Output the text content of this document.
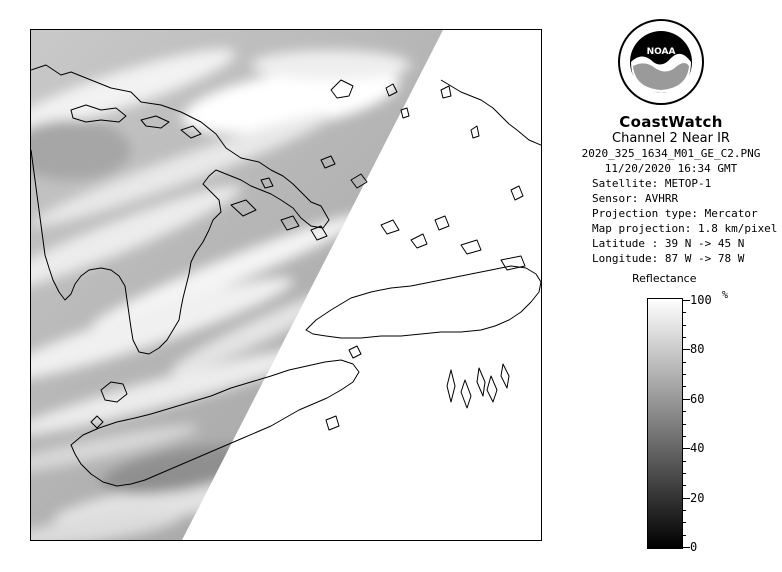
NOAA
CoastWatch
Channel 2 Near IR
2020_325_1634_M01_GE_C2.PNG
11/20/2020 16:34 GMT
Satellite: METOP-1
Sensor: AVHRR
Projection type: Mercator
Map projection: 1.8 km/pixel
Latitude : 39 N -> 45 N
Longitude: 87 W -> 78 W
Reflectance
%
100
80
60
40
20
0
